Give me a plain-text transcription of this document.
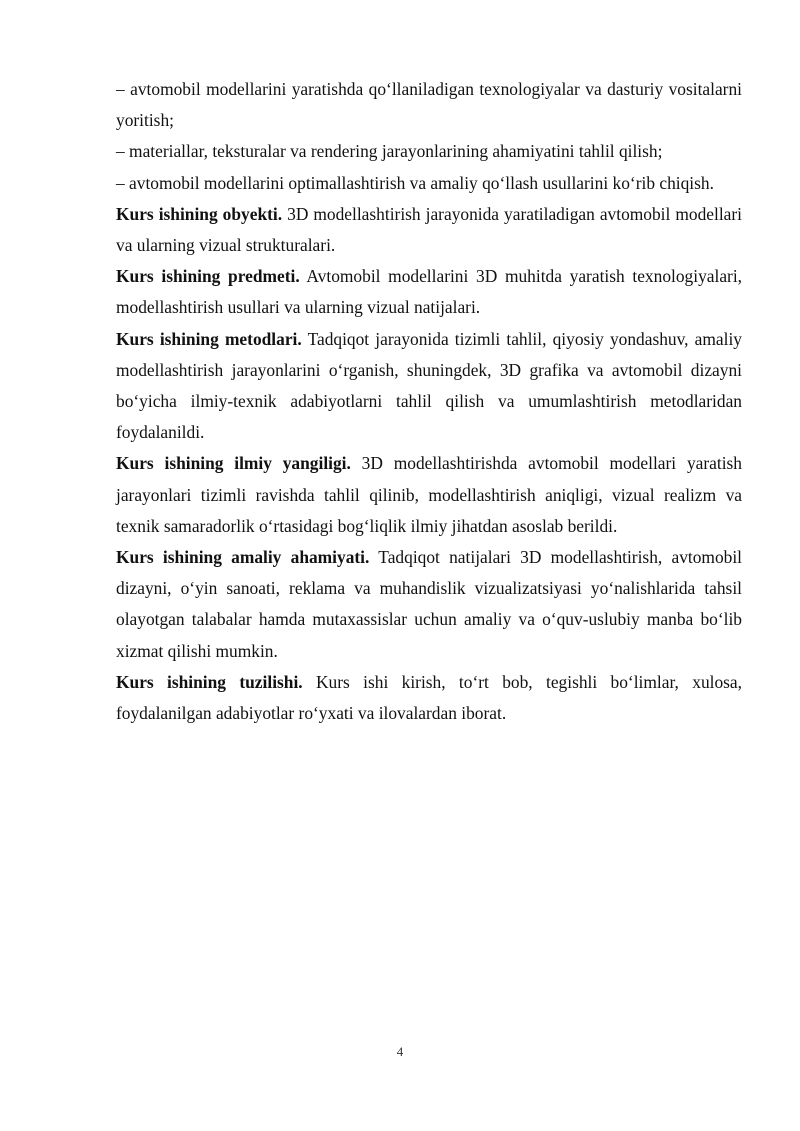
– avtomobil modellarini yaratishda qo‘llaniladigan texnologiyalar va dasturiy vositalarni yoritish;

– materiallar, teksturalar va rendering jarayonlarining ahamiyatini tahlil qilish;

– avtomobil modellarini optimallashtirish va amaliy qo‘llash usullarini ko‘rib chiqish.

Kurs ishining obyekti. 3D modellashtirish jarayonida yaratiladigan avtomobil modellari va ularning vizual strukturalari.

Kurs ishining predmeti. Avtomobil modellarini 3D muhitda yaratish texnologiyalari, modellashtirish usullari va ularning vizual natijalari.

Kurs ishining metodlari. Tadqiqot jarayonida tizimli tahlil, qiyosiy yondashuv, amaliy modellashtirish jarayonlarini o‘rganish, shuningdek, 3D grafika va avtomobil dizayni bo‘yicha ilmiy-texnik adabiyotlarni tahlil qilish va umumlashtirish metodlaridan foydalanildi.

Kurs ishining ilmiy yangiligi. 3D modellashtirishda avtomobil modellari yaratish jarayonlari tizimli ravishda tahlil qilinib, modellashtirish aniqligi, vizual realizm va texnik samaradorlik o‘rtasidagi bog‘liqlik ilmiy jihatdan asoslab berildi.

Kurs ishining amaliy ahamiyati. Tadqiqot natijalari 3D modellashtirish, avtomobil dizayni, o‘yin sanoati, reklama va muhandislik vizualizatsiyasi yo‘nalishlarida tahsil olayotgan talabalar hamda mutaxassislar uchun amaliy va o‘quv-uslubiy manba bo‘lib xizmat qilishi mumkin.

Kurs ishining tuzilishi. Kurs ishi kirish, to‘rt bob, tegishli bo‘limlar, xulosa, foydalanilgan adabiyotlar ro‘yxati va ilovalardan iborat.

4
